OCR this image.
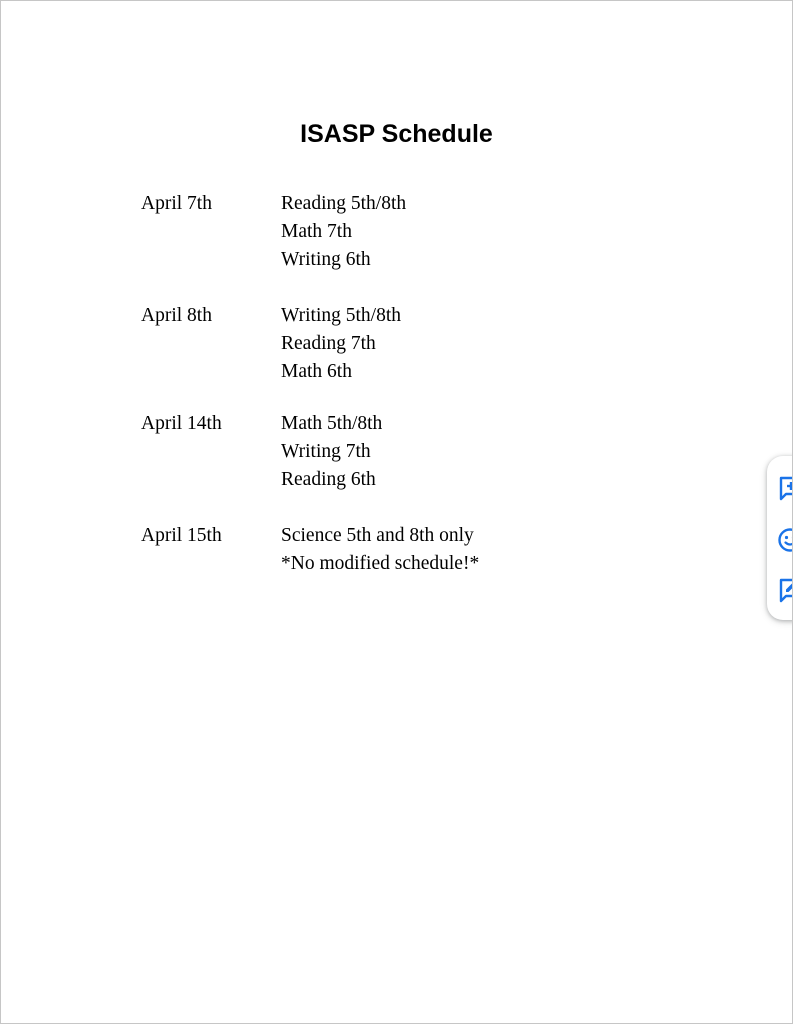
ISASP Schedule
April 7th	Reading 5th/8th
Math 7th
Writing 6th
April 8th	Writing 5th/8th
Reading 7th
Math 6th
April 14th	Math 5th/8th
Writing 7th
Reading 6th
April 15th	Science 5th and 8th only
*No modified schedule!*
